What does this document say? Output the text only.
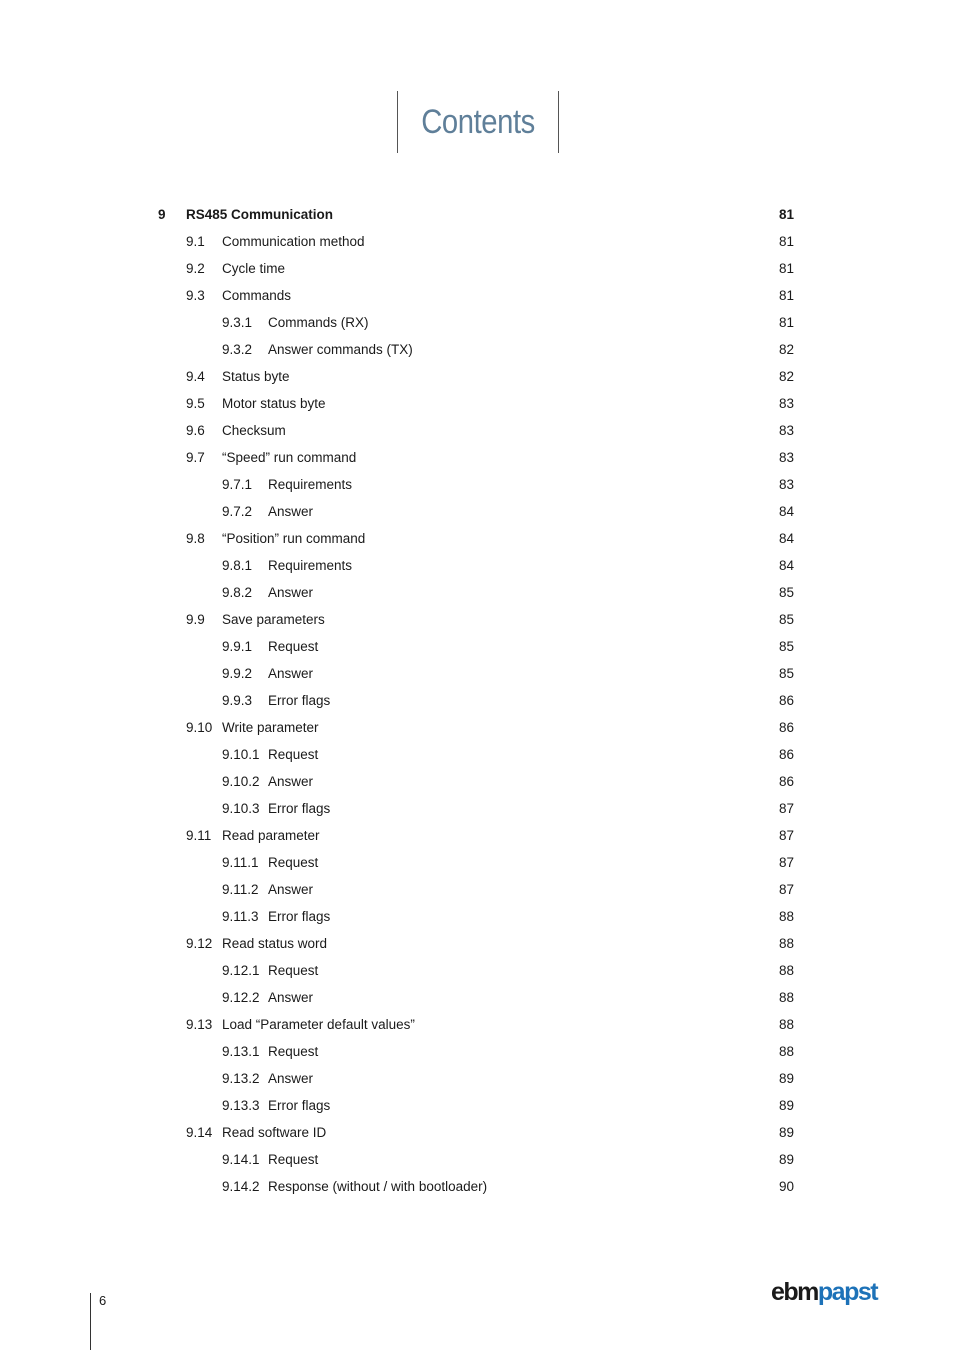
Contents
9 RS485 Communication	81
9.1 Communication method	81
9.2 Cycle time	81
9.3 Commands	81
9.3.1 Commands (RX)	81
9.3.2 Answer commands (TX)	82
9.4 Status byte	82
9.5 Motor status byte	83
9.6 Checksum	83
9.7 “Speed” run command	83
9.7.1 Requirements	83
9.7.2 Answer	84
9.8 “Position” run command	84
9.8.1 Requirements	84
9.8.2 Answer	85
9.9 Save parameters	85
9.9.1 Request	85
9.9.2 Answer	85
9.9.3 Error flags	86
9.10 Write parameter	86
9.10.1 Request	86
9.10.2 Answer	86
9.10.3 Error flags	87
9.11 Read parameter	87
9.11.1 Request	87
9.11.2 Answer	87
9.11.3 Error flags	88
9.12 Read status word	88
9.12.1 Request	88
9.12.2 Answer	88
9.13 Load “Parameter default values”	88
9.13.1 Request	88
9.13.2 Answer	89
9.13.3 Error flags	89
9.14 Read software ID	89
9.14.1 Request	89
9.14.2 Response (without / with bootloader)	90
6	ebmpapst
